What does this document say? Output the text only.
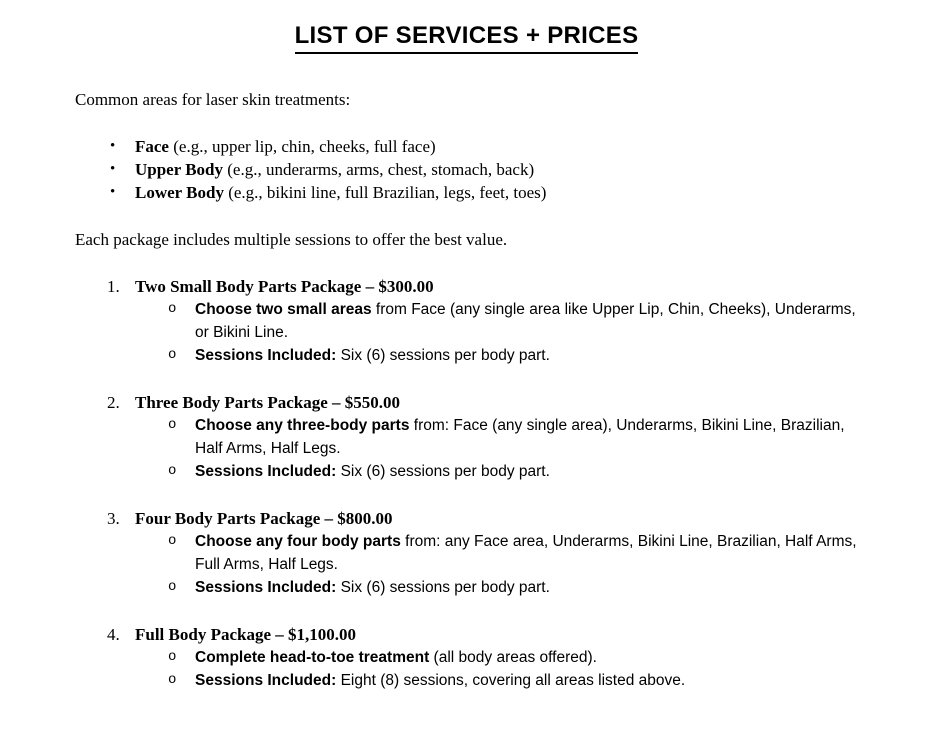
LIST OF SERVICES + PRICES

Common areas for laser skin treatments:

•	Face (e.g., upper lip, chin, cheeks, full face)
•	Upper Body (e.g., underarms, arms, chest, stomach, back)
•	Lower Body (e.g., bikini line, full Brazilian, legs, feet, toes)

Each package includes multiple sessions to offer the best value.

1. Two Small Body Parts Package – $300.00
o	Choose two small areas from Face (any single area like Upper Lip, Chin, Cheeks), Underarms, or Bikini Line.
o	Sessions Included: Six (6) sessions per body part.
2. Three Body Parts Package – $550.00
o	Choose any three-body parts from: Face (any single area), Underarms, Bikini Line, Brazilian, Half Arms, Half Legs.
o	Sessions Included: Six (6) sessions per body part.
3. Four Body Parts Package – $800.00
o	Choose any four body parts from: any Face area, Underarms, Bikini Line, Brazilian, Half Arms, Full Arms, Half Legs.
o	Sessions Included: Six (6) sessions per body part.
4. Full Body Package – $1,100.00
o	Complete head-to-toe treatment (all body areas offered).
o	Sessions Included: Eight (8) sessions, covering all areas listed above.
